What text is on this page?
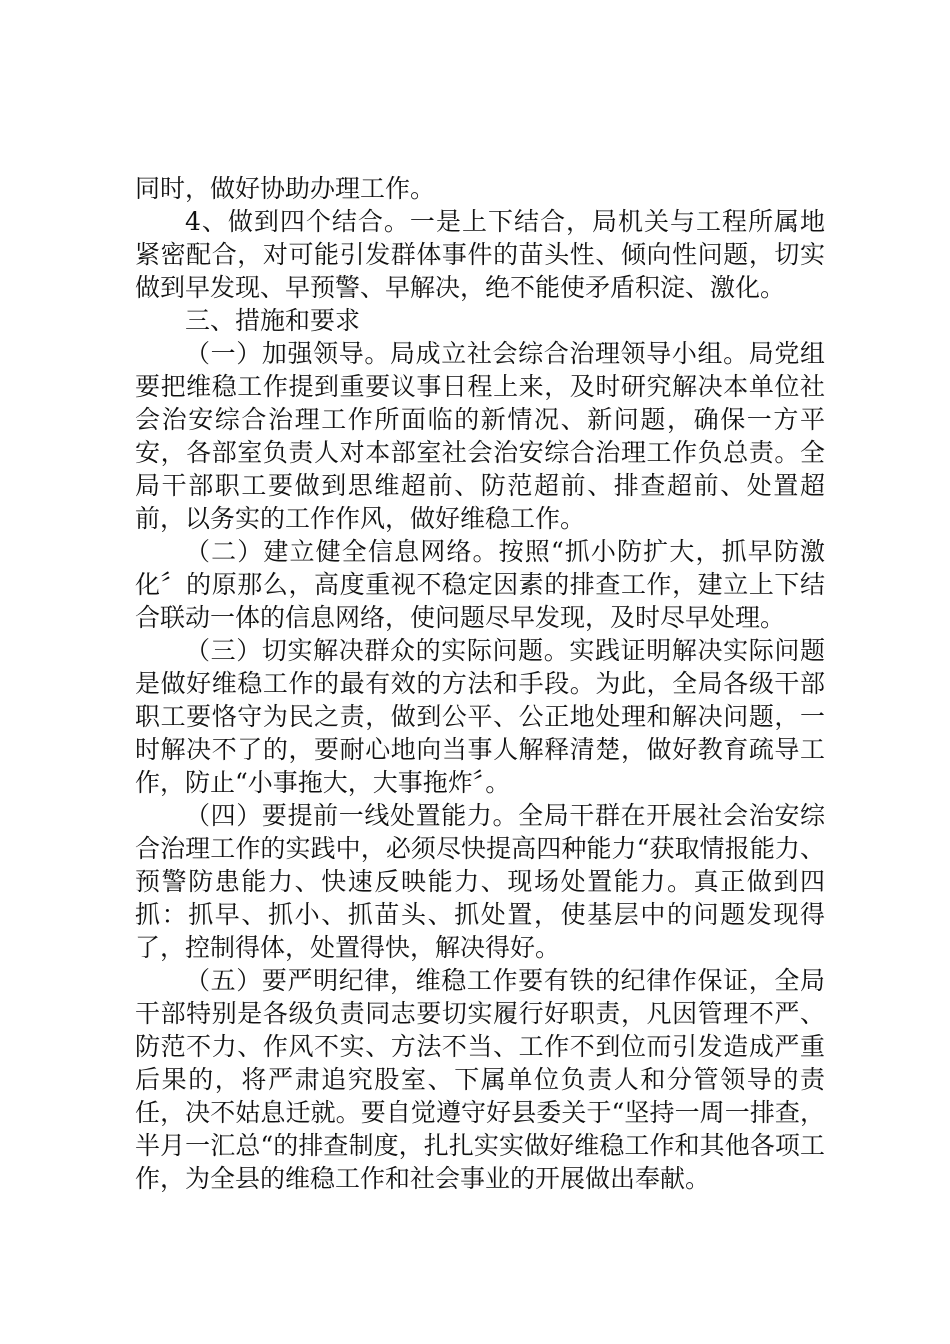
同时，做好协助办理工作。

4、做到四个结合。一是上下结合，局机关与工程所属地紧密配合，对可能引发群体事件的苗头性、倾向性问题，切实做到早发现、早预警、早解决，绝不能使矛盾积淀、激化。

三、措施和要求

（一）加强领导。局成立社会综合治理领导小组。局党组要把维稳工作提到重要议事日程上来，及时研究解决本单位社会治安综合治理工作所面临的新情况、新问题，确保一方平安，各部室负责人对本部室社会治安综合治理工作负总责。全局干部职工要做到思维超前、防范超前、排查超前、处置超前，以务实的工作作风，做好维稳工作。

（二）建立健全信息网络。按照“抓小防扩大，抓早防激化〞的原那么，高度重视不稳定因素的排查工作，建立上下结合联动一体的信息网络，使问题尽早发现，及时尽早处理。

（三）切实解决群众的实际问题。实践证明解决实际问题是做好维稳工作的最有效的方法和手段。为此，全局各级干部职工要恪守为民之责，做到公平、公正地处理和解决问题，一时解决不了的，要耐心地向当事人解释清楚，做好教育疏导工作，防止“小事拖大，大事拖炸〞。

（四）要提前一线处置能力。全局干群在开展社会治安综合治理工作的实践中，必须尽快提高四种能力“获取情报能力、预警防患能力、快速反映能力、现场处置能力。真正做到四抓：抓早、抓小、抓苗头、抓处置，使基层中的问题发现得了，控制得体，处置得快，解决得好。

（五）要严明纪律，维稳工作要有铁的纪律作保证，全局干部特别是各级负责同志要切实履行好职责，凡因管理不严、防范不力、作风不实、方法不当、工作不到位而引发造成严重后果的，将严肃追究股室、下属单位负责人和分管领导的责任，决不姑息迁就。要自觉遵守好县委关于“坚持一周一排查，半月一汇总“的排查制度，扎扎实实做好维稳工作和其他各项工作，为全县的维稳工作和社会事业的开展做出奉献。
